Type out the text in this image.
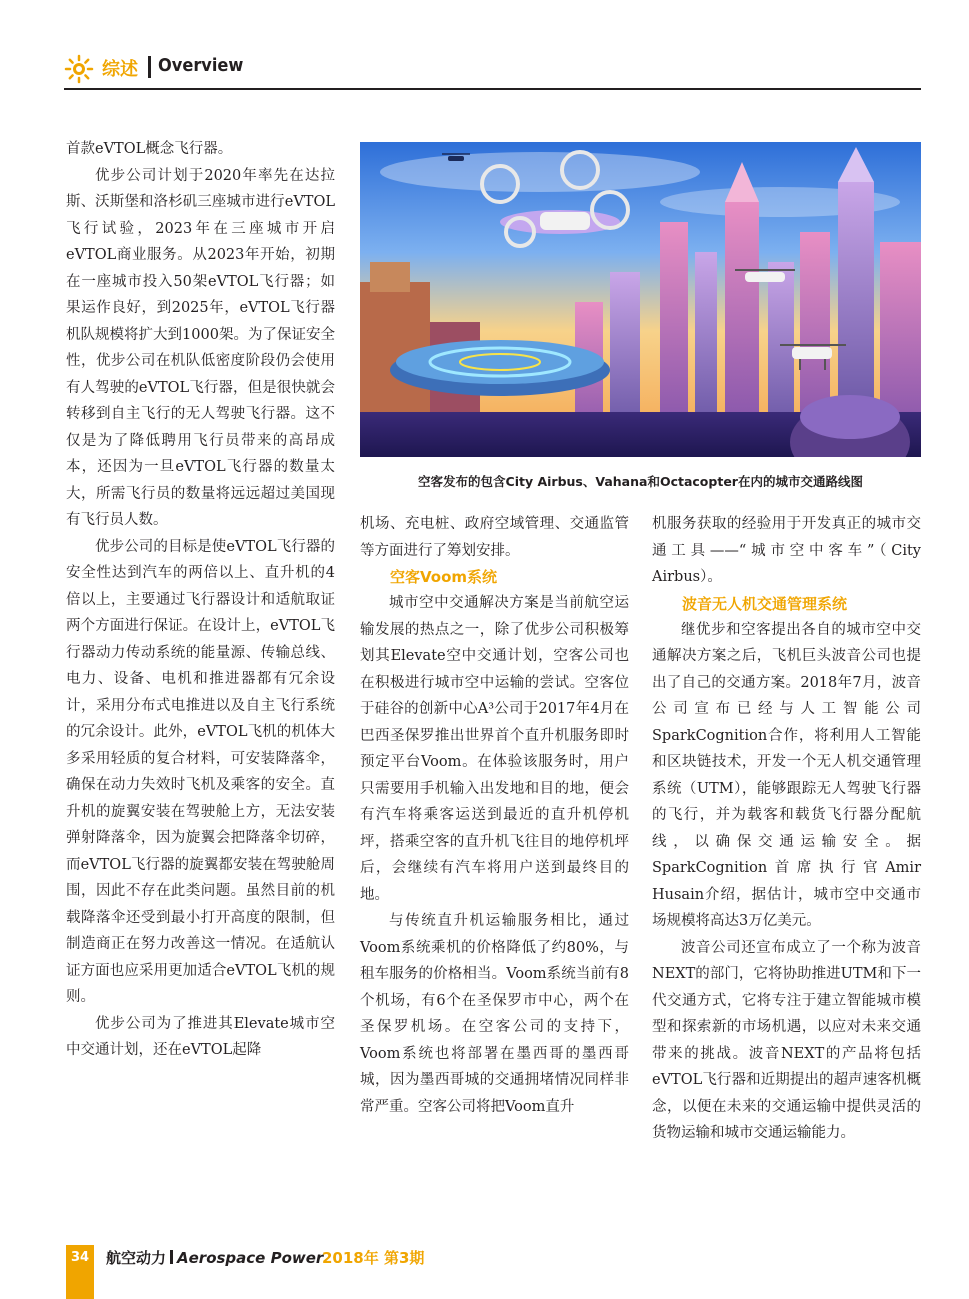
综述 Overview

首款eVTOL概念飞行器。

优步公司计划于2020年率先在达拉斯、沃斯堡和洛杉矶三座城市进行eVTOL飞行试验，2023年在三座城市开启eVTOL商业服务。从2023年开始，初期在一座城市投入50架eVTOL飞行器；如果运作良好，到2025年，eVTOL飞行器机队规模将扩大到1000架。为了保证安全性，优步公司在机队低密度阶段仍会使用有人驾驶的eVTOL飞行器，但是很快就会转移到自主飞行的无人驾驶飞行器。这不仅是为了降低聘用飞行员带来的高昂成本，还因为一旦eVTOL飞行器的数量太大，所需飞行员的数量将远远超过美国现有飞行员人数。

优步公司的目标是使eVTOL飞行器的安全性达到汽车的两倍以上、直升机的4倍以上，主要通过飞行器设计和适航取证两个方面进行保证。在设计上，eVTOL飞行器动力传动系统的能量源、传输总线、电力、设备、电机和推进器都有冗余设计，采用分布式电推进以及自主飞行系统的冗余设计。此外，eVTOL飞机的机体大多采用轻质的复合材料，可安装降落伞，确保在动力失效时飞机及乘客的安全。直升机的旋翼安装在驾驶舱上方，无法安装弹射降落伞，因为旋翼会把降落伞切碎，而eVTOL飞行器的旋翼都安装在驾驶舱周围，因此不存在此类问题。虽然目前的机载降落伞还受到最小打开高度的限制，但制造商正在努力改善这一情况。在适航认证方面也应采用更加适合eVTOL飞机的规则。

优步公司为了推进其Elevate城市空中交通计划，还在eVTOL起降

空客发布的包含City Airbus、Vahana和Octacopter在内的城市交通路线图

机场、充电桩、政府空域管理、交通监管等方面进行了筹划安排。

空客Voom系统

城市空中交通解决方案是当前航空运输发展的热点之一，除了优步公司积极筹划其Elevate空中交通计划，空客公司也在积极进行城市空中运输的尝试。空客位于硅谷的创新中心A³公司于2017年4月在巴西圣保罗推出世界首个直升机服务即时预定平台Voom。在体验该服务时，用户只需要用手机输入出发地和目的地，便会有汽车将乘客运送到最近的直升机停机坪，搭乘空客的直升机飞往目的地停机坪后，会继续有汽车将用户送到最终目的地。

与传统直升机运输服务相比，通过Voom系统乘机的价格降低了约80%，与租车服务的价格相当。Voom系统当前有8个机场，有6个在圣保罗市中心，两个在圣保罗机场。在空客公司的支持下，Voom系统也将部署在墨西哥的墨西哥城，因为墨西哥城的交通拥堵情况同样非常严重。空客公司将把Voom直升

机服务获取的经验用于开发真正的城市交通工具——“城市空中客车”（City Airbus）。

波音无人机交通管理系统

继优步和空客提出各自的城市空中交通解决方案之后，飞机巨头波音公司也提出了自己的交通方案。2018年7月，波音公司宣布已经与人工智能公司SparkCognition合作，将利用人工智能和区块链技术，开发一个无人机交通管理系统（UTM），能够跟踪无人驾驶飞行器的飞行，并为载客和载货飞行器分配航线，以确保交通运输安全。据SparkCognition首席执行官Amir Husain介绍，据估计，城市空中交通市场规模将高达3万亿美元。

波音公司还宣布成立了一个称为波音NEXT的部门，它将协助推进UTM和下一代交通方式，它将专注于建立智能城市模型和探索新的市场机遇，以应对未来交通带来的挑战。波音NEXT的产品将包括eVTOL飞行器和近期提出的超声速客机概念，以便在未来的交通运输中提供灵活的货物运输和城市交通运输能力。

34	航空动力 Aerospace Power
2018年 第3期
